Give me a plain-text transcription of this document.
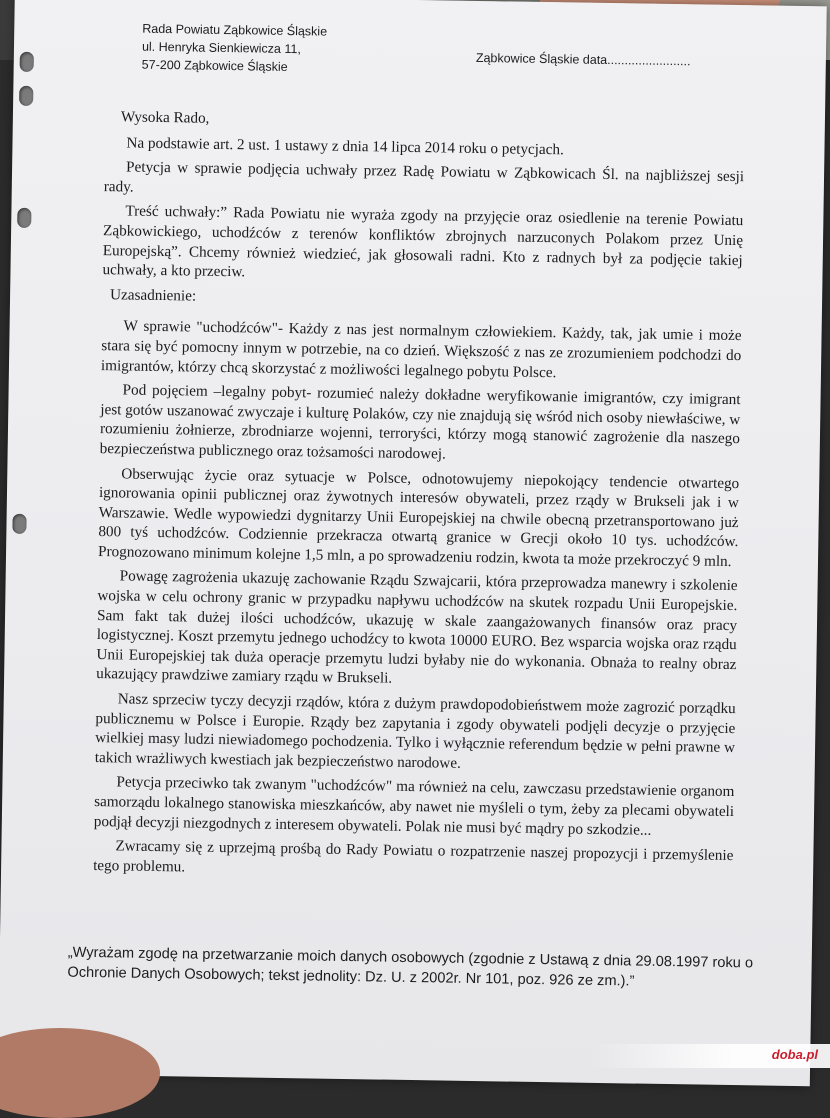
Rada Powiatu Ząbkowice Śląskie
ul. Henryka Sienkiewicza 11,
57-200 Ząbkowice Śląskie	Ząbkowice Śląskie data........................

Wysoka Rado,

Na podstawie art. 2 ust. 1 ustawy z dnia 14 lipca 2014 roku o petycjach.

Petycja w sprawie podjęcia uchwały przez Radę Powiatu w Ząbkowicach Śl. na najbliższej sesji rady.

Treść uchwały:” Rada Powiatu nie wyraża zgody na przyjęcie oraz osiedlenie na terenie Powiatu Ząbkowickiego, uchodźców z terenów konfliktów zbrojnych narzuconych Polakom przez Unię Europejską”. Chcemy również wiedzieć, jak głosowali radni. Kto z radnych był za podjęcie takiej uchwały, a kto przeciw.

Uzasadnienie:

W sprawie "uchodźców"- Każdy z nas jest normalnym człowiekiem. Każdy, tak, jak umie i może stara się być pomocny innym w potrzebie, na co dzień. Większość z nas ze zrozumieniem podchodzi do imigrantów, którzy chcą skorzystać z możliwości legalnego pobytu Polsce.

Pod pojęciem –legalny pobyt- rozumieć należy dokładne weryfikowanie imigrantów, czy imigrant jest gotów uszanować zwyczaje i kulturę Polaków, czy nie znajdują się wśród nich osoby niewłaściwe, w rozumieniu żołnierze, zbrodniarze wojenni, terroryści, którzy mogą stanowić zagrożenie dla naszego bezpieczeństwa publicznego oraz tożsamości narodowej.

Obserwując życie oraz sytuacje w Polsce, odnotowujemy niepokojący tendencie otwartego ignorowania opinii publicznej oraz żywotnych interesów obywateli, przez rządy w Brukseli jak i w Warszawie. Wedle wypowiedzi dygnitarzy Unii Europejskiej na chwile obecną przetransportowano już 800 tyś uchodźców. Codziennie przekracza otwartą granice w Grecji około 10 tys. uchodźców. Prognozowano minimum kolejne 1,5 mln, a po sprowadzeniu rodzin, kwota ta może przekroczyć 9 mln.

Powagę zagrożenia ukazuję zachowanie Rządu Szwajcarii, która przeprowadza manewry i szkolenie wojska w celu ochrony granic w przypadku napływu uchodźców na skutek rozpadu Unii Europejskie. Sam fakt tak dużej ilości uchodźców, ukazuję w skale zaangażowanych finansów oraz pracy logistycznej. Koszt przemytu jednego uchodźcy to kwota 10000 EURO. Bez wsparcia wojska oraz rządu Unii Europejskiej tak duża operacje przemytu ludzi byłaby nie do wykonania. Obnaża to realny obraz ukazujący prawdziwe zamiary rządu w Brukseli.

Nasz sprzeciw tyczy decyzji rządów, która z dużym prawdopodobieństwem może zagrozić porządku publicznemu w Polsce i Europie. Rządy bez zapytania i zgody obywateli podjęli decyzje o przyjęcie wielkiej masy ludzi niewiadomego pochodzenia. Tylko i wyłącznie referendum będzie w pełni prawne w takich wrażliwych kwestiach jak bezpieczeństwo narodowe.

Petycja przeciwko tak zwanym "uchodźców" ma również na celu, zawczasu przedstawienie organom samorządu lokalnego stanowiska mieszkańców, aby nawet nie myśleli o tym, żeby za plecami obywateli podjął decyzji niezgodnych z interesem obywateli. Polak nie musi być mądry po szkodzie...

Zwracamy się z uprzejmą prośbą do Rady Powiatu o rozpatrzenie naszej propozycji i przemyślenie tego problemu.

„Wyrażam zgodę na przetwarzanie moich danych osobowych (zgodnie z Ustawą z dnia 29.08.1997 roku o Ochronie Danych Osobowych; tekst jednolity: Dz. U. z 2002r. Nr 101, poz. 926 ze zm.).”
doba.pl
